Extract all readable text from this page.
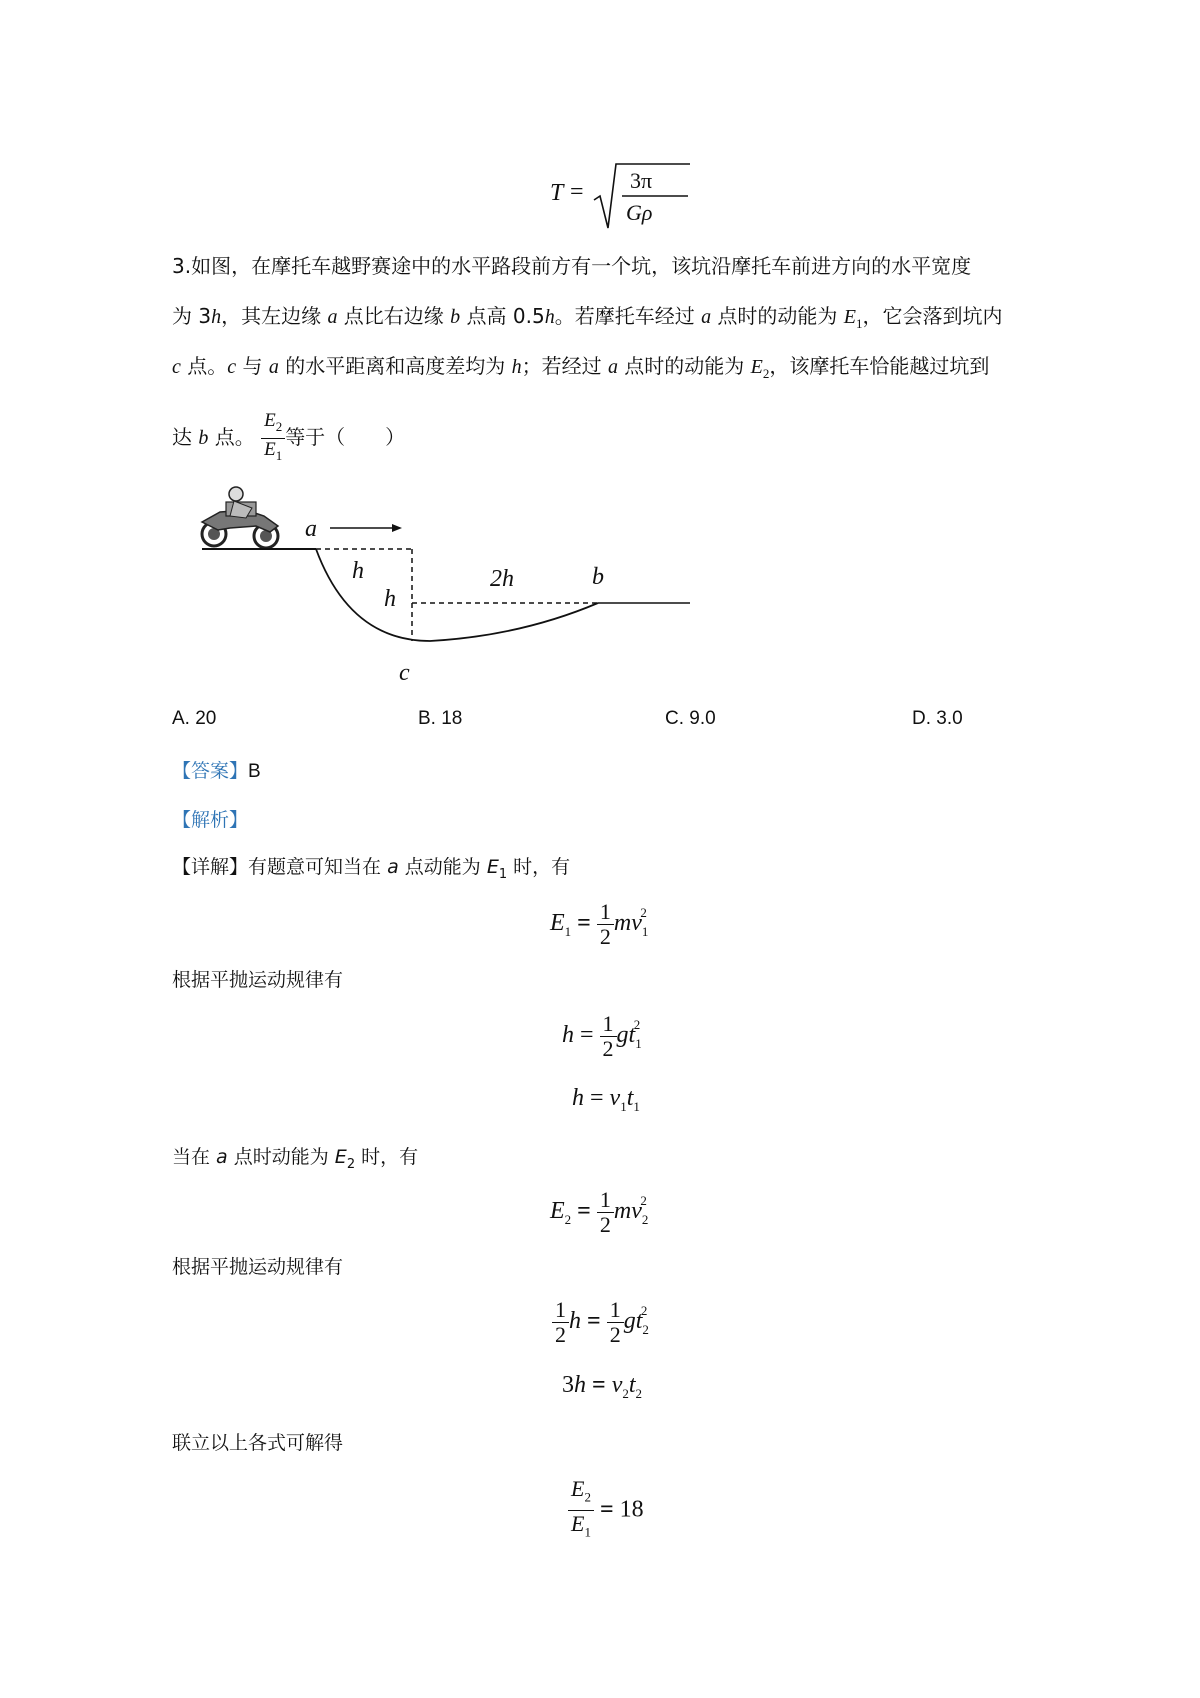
T = 3π
Gρ
3.如图，在摩托车越野赛途中的水平路段前方有一个坑，该坑沿摩托车前进方向的水平宽度
为 3h，其左边缘 a 点比右边缘 b 点高 0.5h。若摩托车经过 a 点时的动能为 $E_1$，它会落到坑内
c 点。c 与 a 的水平距离和高度差均为 h；若经过 a 点时的动能为 $E_2$，该摩托车恰能越过坑到
达 b 点。 $\frac{E_2}{E_1}$ 等于（　　）
a
h
h
2h	b
c
A. 20	B. 18	C. 9.0	D. 3.0
【答案】B
【解析】
【详解】有题意可知当在 a 点动能为 $E_1$ 时，有
$E_1 = \frac{1}{2} mv_1^2$
根据平抛运动规律有
$h = \frac{1}{2} gt_1^2$
$h = v_1t_1$
当在 a 点时动能为 $E_2$ 时，有
$E_2 = \frac{1}{2} mv_2^2$
根据平抛运动规律有
$\frac{1}{2}$ $h = \frac{1}{2} gt_2^2$
$3h = v_2t_2$
联立以上各式可解得
$\frac{E_2}{E_1} = 18$
